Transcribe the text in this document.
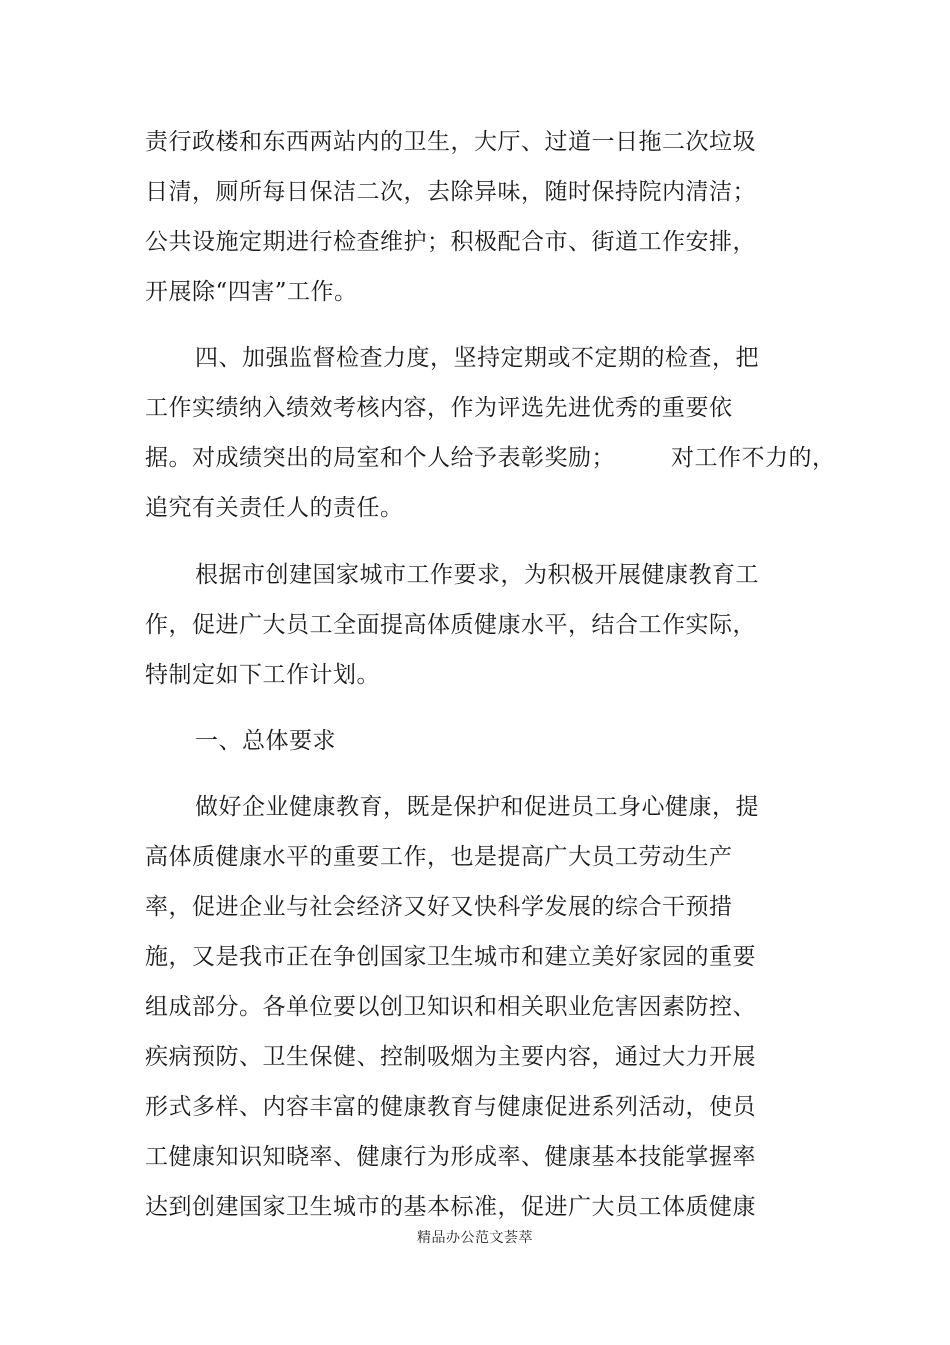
责行政楼和东西两站内的卫生，大厅、过道一日拖二次垃圾
日清，厕所每日保洁二次，去除异味，随时保持院内清洁；
公共设施定期进行检查维护；积极配合市、街道工作安排，
开展除“四害”工作。
四、加强监督检查力度，坚持定期或不定期的检查，把
工作实绩纳入绩效考核内容，作为评选先进优秀的重要依
据。对成绩突出的局室和个人给予表彰奖励； 对工作不力的，
追究有关责任人的责任。
根据市创建国家城市工作要求，为积极开展健康教育工
作，促进广大员工全面提高体质健康水平，结合工作实际，
特制定如下工作计划。
一、总体要求
做好企业健康教育，既是保护和促进员工身心健康，提
高体质健康水平的重要工作，也是提高广大员工劳动生产
率，促进企业与社会经济又好又快科学发展的综合干预措
施，又是我市正在争创国家卫生城市和建立美好家园的重要
组成部分。各单位要以创卫知识和相关职业危害因素防控、
疾病预防、卫生保健、控制吸烟为主要内容，通过大力开展
形式多样、内容丰富的健康教育与健康促进系列活动，使员
工健康知识知晓率、健康行为形成率、健康基本技能掌握率
达到创建国家卫生城市的基本标准，促进广大员工体质健康
精品办公范文荟萃
